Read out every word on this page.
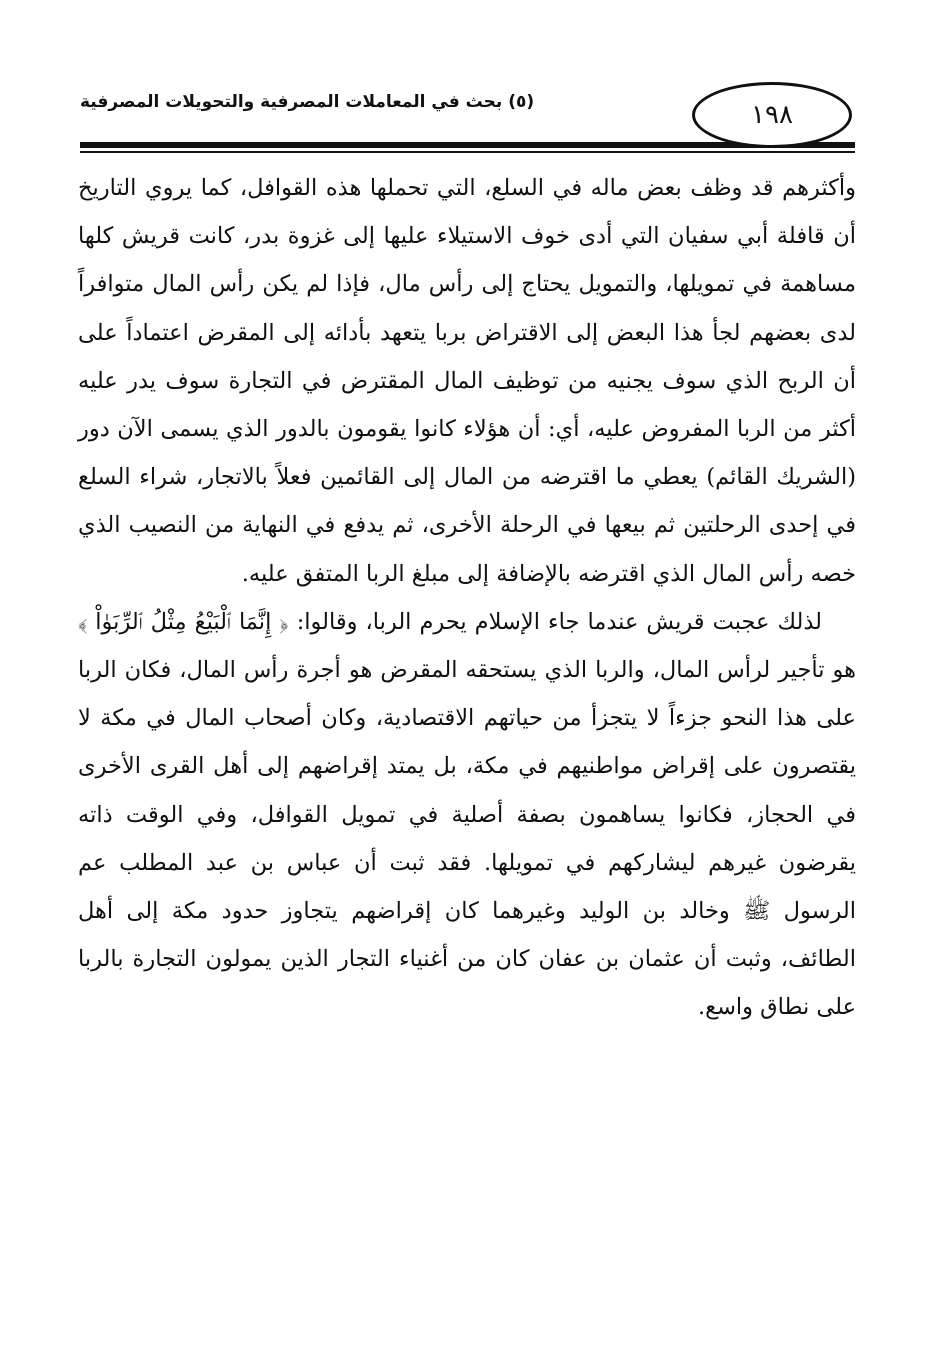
١٩٨
(٥) بحث في المعاملات المصرفية والتحويلات المصرفية

وأكثرهم قد وظف بعض ماله في السلع، التي تحملها هذه القوافل، كما يروي التاريخ أن قافلة أبي سفيان التي أدى خوف الاستيلاء عليها إلى غزوة بدر، كانت قريش كلها مساهمة في تمويلها، والتمويل يحتاج إلى رأس مال، فإذا لم يكن رأس المال متوافراً لدى بعضهم لجأ هذا البعض إلى الاقتراض بربا يتعهد بأدائه إلى المقرض اعتماداً على أن الربح الذي سوف يجنيه من توظيف المال المقترض في التجارة سوف يدر عليه أكثر من الربا المفروض عليه، أي: أن هؤلاء كانوا يقومون بالدور الذي يسمى الآن دور (الشريك القائم) يعطي ما اقترضه من المال إلى القائمين فعلاً بالاتجار، شراء السلع في إحدى الرحلتين ثم بيعها في الرحلة الأخرى، ثم يدفع في النهاية من النصيب الذي خصه رأس المال الذي اقترضه بالإضافة إلى مبلغ الربا المتفق عليه.

لذلك عجبت قريش عندما جاء الإسلام يحرم الربا، وقالوا: ﴿ إِنَّمَا ٱلْبَيْعُ مِثْلُ ٱلرِّبَوٰاْ ﴾ هو تأجير لرأس المال، والربا الذي يستحقه المقرض هو أجرة رأس المال، فكان الربا على هذا النحو جزءاً لا يتجزأ من حياتهم الاقتصادية، وكان أصحاب المال في مكة لا يقتصرون على إقراض مواطنيهم في مكة، بل يمتد إقراضهم إلى أهل القرى الأخرى في الحجاز، فكانوا يساهمون بصفة أصلية في تمويل القوافل، وفي الوقت ذاته يقرضون غيرهم ليشاركهم في تمويلها. فقد ثبت أن عباس بن عبد المطلب عم الرسول ﷺ وخالد بن الوليد وغيرهما كان إقراضهم يتجاوز حدود مكة إلى أهل الطائف، وثبت أن عثمان بن عفان كان من أغنياء التجار الذين يمولون التجارة بالربا على نطاق واسع.
